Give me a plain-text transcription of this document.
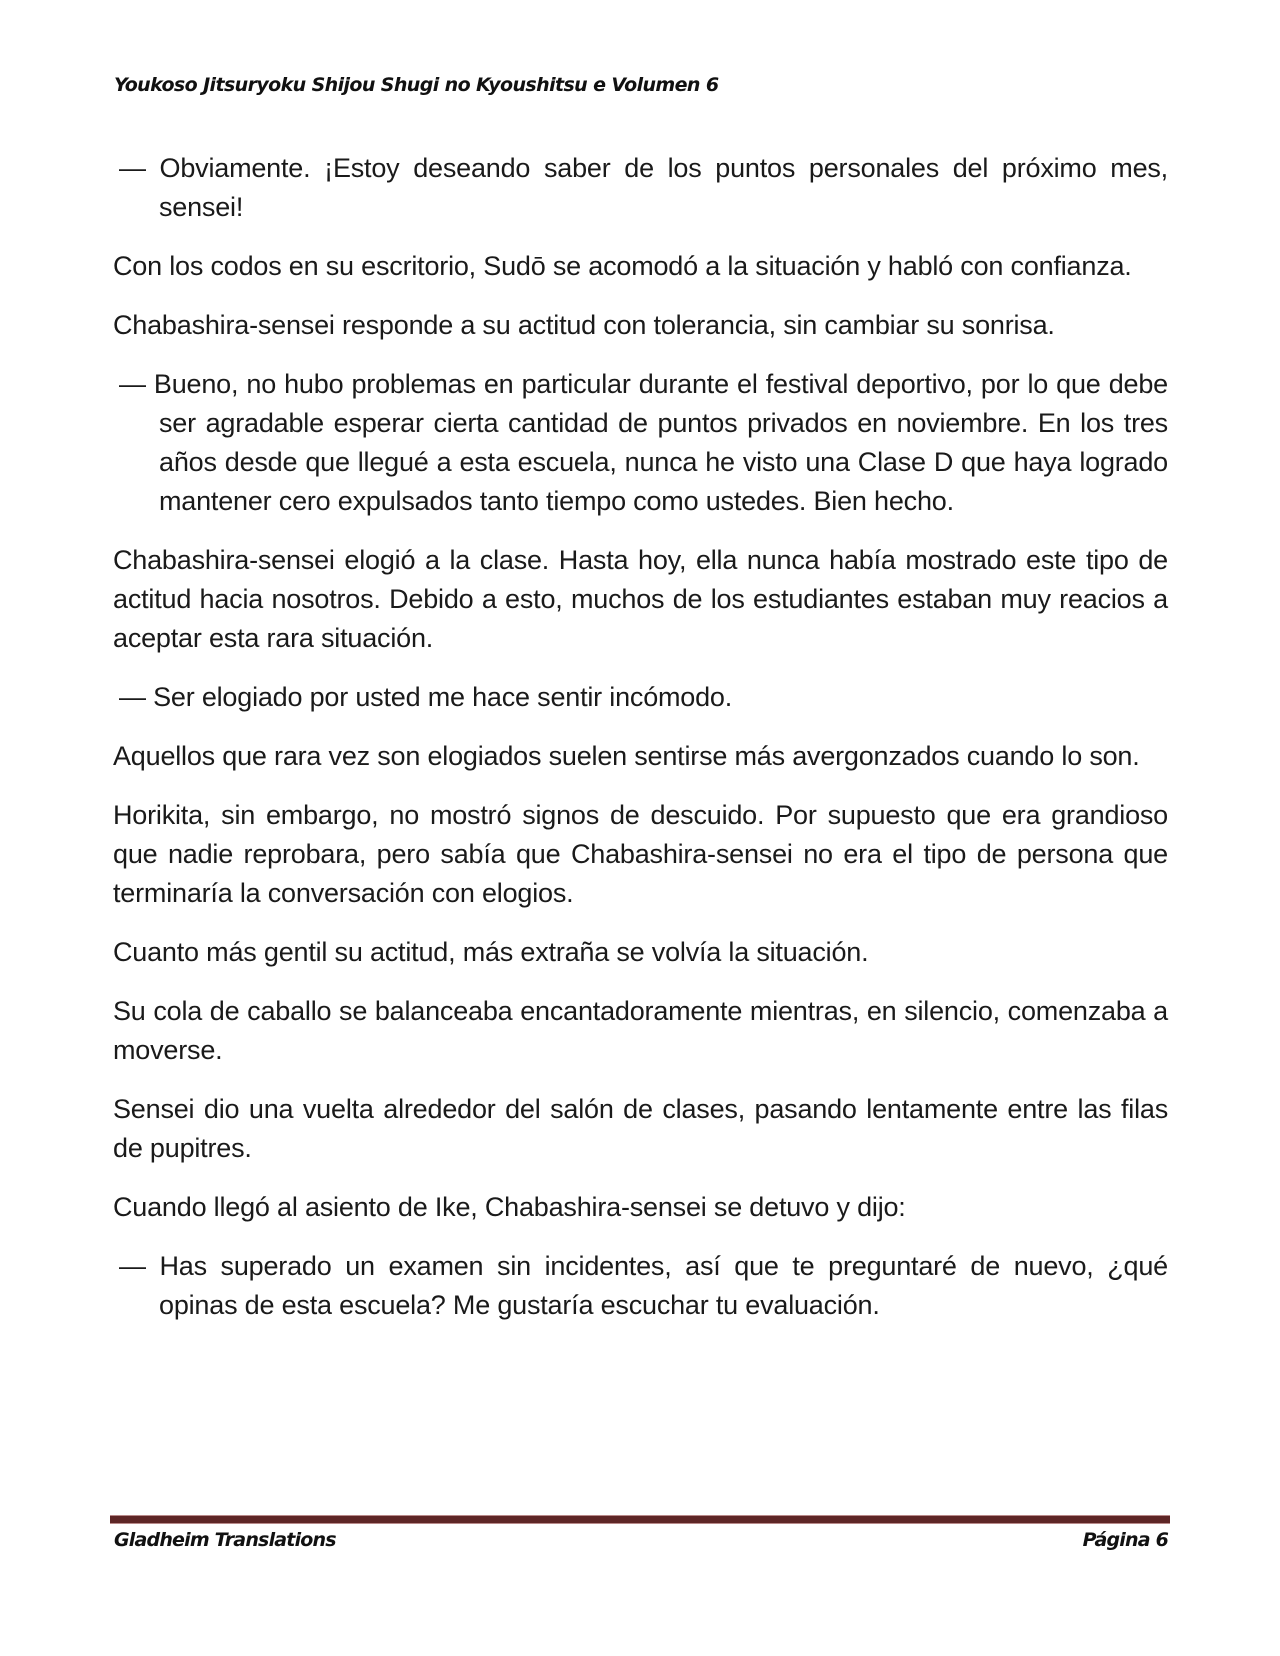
Youkoso Jitsuryoku Shijou Shugi no Kyoushitsu e Volumen 6

— Obviamente. ¡Estoy deseando saber de los puntos personales del próximo mes, sensei!

Con los codos en su escritorio, Sudō se acomodó a la situación y habló con confianza.

Chabashira-sensei responde a su actitud con tolerancia, sin cambiar su sonrisa.

— Bueno, no hubo problemas en particular durante el festival deportivo, por lo que debe ser agradable esperar cierta cantidad de puntos privados en noviembre. En los tres años desde que llegué a esta escuela, nunca he visto una Clase D que haya logrado mantener cero expulsados tanto tiempo como ustedes. Bien hecho.

Chabashira-sensei elogió a la clase. Hasta hoy, ella nunca había mostrado este tipo de actitud hacia nosotros. Debido a esto, muchos de los estudiantes estaban muy reacios a aceptar esta rara situación.

— Ser elogiado por usted me hace sentir incómodo.

Aquellos que rara vez son elogiados suelen sentirse más avergonzados cuando lo son.

Horikita, sin embargo, no mostró signos de descuido. Por supuesto que era grandioso que nadie reprobara, pero sabía que Chabashira-sensei no era el tipo de persona que terminaría la conversación con elogios.

Cuanto más gentil su actitud, más extraña se volvía la situación.

Su cola de caballo se balanceaba encantadoramente mientras, en silencio, comenzaba a moverse.

Sensei dio una vuelta alrededor del salón de clases, pasando lentamente entre las filas de pupitres.

Cuando llegó al asiento de Ike, Chabashira-sensei se detuvo y dijo:

— Has superado un examen sin incidentes, así que te preguntaré de nuevo, ¿qué opinas de esta escuela? Me gustaría escuchar tu evaluación.

Gladheim Translations	Página 6
